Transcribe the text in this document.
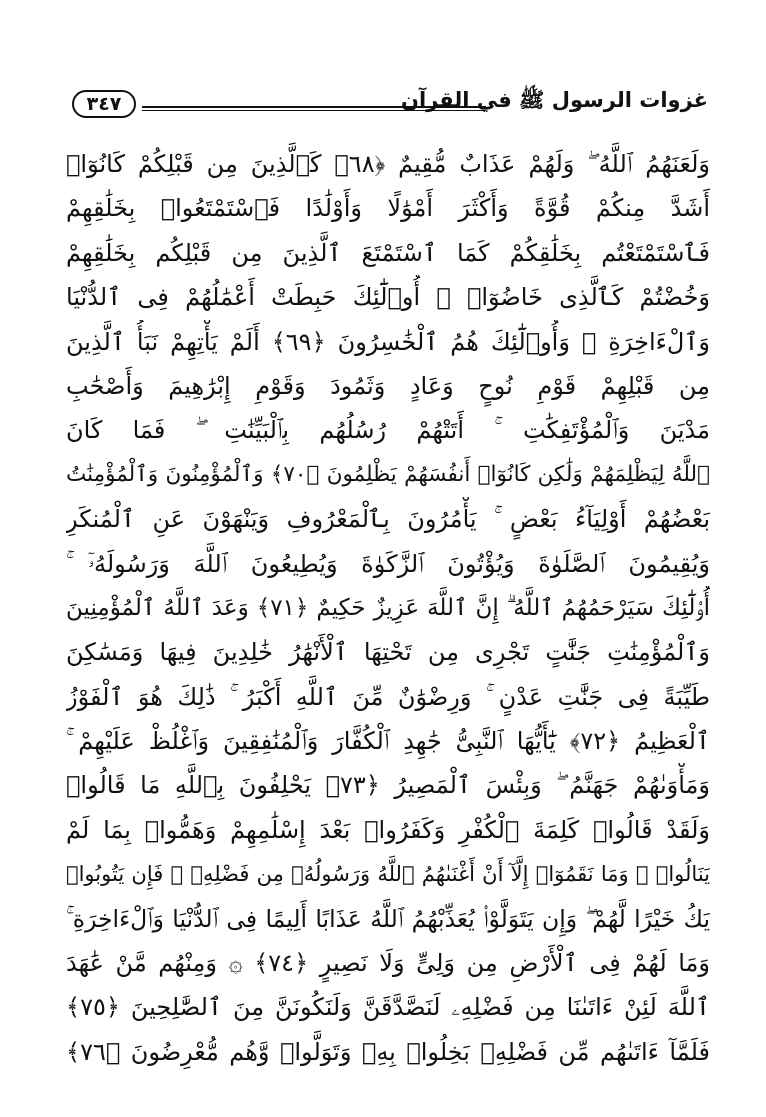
غزوات الرسول ﷺ في القرآن
٣٤٧
وَلَعَنَهُمُ ٱللَّهُ ۖ وَلَهُمْ عَذَابٌ مُّقِيمٌ ﴿٦٨﴾ كَٱلَّذِينَ مِن قَبْلِكُمْ كَانُوٓا۟
أَشَدَّ مِنكُمْ قُوَّةً وَأَكْثَرَ أَمْوَٰلًا وَأَوْلَٰدًا فَٱسْتَمْتَعُوا۟ بِخَلَٰقِهِمْ
فَٱسْتَمْتَعْتُم بِخَلَٰقِكُمْ كَمَا ٱسْتَمْتَعَ ٱلَّذِينَ مِن قَبْلِكُم بِخَلَٰقِهِمْ
وَخُضْتُمْ كَٱلَّذِى خَاضُوٓا۟ ۚ أُو۟لَٰٓئِكَ حَبِطَتْ أَعْمَٰلُهُمْ فِى ٱلدُّنْيَا
وَٱلْءَاخِرَةِ ۖ وَأُو۟لَٰٓئِكَ هُمُ ٱلْخَٰسِرُونَ ﴿٦٩﴾ أَلَمْ يَأْتِهِمْ نَبَأُ ٱلَّذِينَ
مِن قَبْلِهِمْ قَوْمِ نُوحٍ وَعَادٍ وَثَمُودَ وَقَوْمِ إِبْرَٰهِيمَ وَأَصْحَٰبِ
مَدْيَنَ وَٱلْمُؤْتَفِكَٰتِ ۚ أَتَتْهُمْ رُسُلُهُم بِٱلْبَيِّنَٰتِ ۖ فَمَا كَانَ
ٱللَّهُ لِيَظْلِمَهُمْ وَلَٰكِن كَانُوٓا۟ أَنفُسَهُمْ يَظْلِمُونَ ﴿٧٠﴾ وَٱلْمُؤْمِنُونَ وَٱلْمُؤْمِنَٰتُ
بَعْضُهُمْ أَوْلِيَآءُ بَعْضٍ ۚ يَأْمُرُونَ بِٱلْمَعْرُوفِ وَيَنْهَوْنَ عَنِ ٱلْمُنكَرِ
وَيُقِيمُونَ ٱلصَّلَوٰةَ وَيُؤْتُونَ ٱلزَّكَوٰةَ وَيُطِيعُونَ ٱللَّهَ وَرَسُولَهُۥٓ ۚ
أُو۟لَٰٓئِكَ سَيَرْحَمُهُمُ ٱللَّهُ ۗ إِنَّ ٱللَّهَ عَزِيزٌ حَكِيمٌ ﴿٧١﴾ وَعَدَ ٱللَّهُ ٱلْمُؤْمِنِينَ
وَٱلْمُؤْمِنَٰتِ جَنَّٰتٍ تَجْرِى مِن تَحْتِهَا ٱلْأَنْهَٰرُ خَٰلِدِينَ فِيهَا وَمَسَٰكِنَ
طَيِّبَةً فِى جَنَّٰتِ عَدْنٍ ۚ وَرِضْوَٰنٌ مِّنَ ٱللَّهِ أَكْبَرُ ۚ ذَٰلِكَ هُوَ ٱلْفَوْزُ
ٱلْعَظِيمُ ﴿٧٢﴾ يَٰٓأَيُّهَا ٱلنَّبِىُّ جَٰهِدِ ٱلْكُفَّارَ وَٱلْمُنَٰفِقِينَ وَٱغْلُظْ عَلَيْهِمْ ۚ
وَمَأْوَىٰهُمْ جَهَنَّمُ ۖ وَبِئْسَ ٱلْمَصِيرُ ﴿٧٣﴾ يَحْلِفُونَ بِٱللَّهِ مَا قَالُوا۟
وَلَقَدْ قَالُوا۟ كَلِمَةَ ٱلْكُفْرِ وَكَفَرُوا۟ بَعْدَ إِسْلَٰمِهِمْ وَهَمُّوا۟ بِمَا لَمْ
يَنَالُوا۟ ۚ وَمَا نَقَمُوٓا۟ إِلَّآ أَنْ أَغْنَىٰهُمُ ٱللَّهُ وَرَسُولُهُۥ مِن فَضْلِهِۦ ۚ فَإِن يَتُوبُوا۟
يَكُ خَيْرًا لَّهُمْ ۖ وَإِن يَتَوَلَّوْا۟ يُعَذِّبْهُمُ ٱللَّهُ عَذَابًا أَلِيمًا فِى ٱلدُّنْيَا وَٱلْءَاخِرَةِ ۚ
وَمَا لَهُمْ فِى ٱلْأَرْضِ مِن وَلِىٍّ وَلَا نَصِيرٍ ﴿٧٤﴾ ۞ وَمِنْهُم مَّنْ عَٰهَدَ
ٱللَّهَ لَئِنْ ءَاتَىٰنَا مِن فَضْلِهِۦ لَنَصَّدَّقَنَّ وَلَنَكُونَنَّ مِنَ ٱلصَّٰلِحِينَ ﴿٧٥﴾
فَلَمَّآ ءَاتَىٰهُم مِّن فَضْلِهِۦ بَخِلُوا۟ بِهِۦ وَتَوَلَّوا۟ وَّهُم مُّعْرِضُونَ ﴿٧٦﴾
